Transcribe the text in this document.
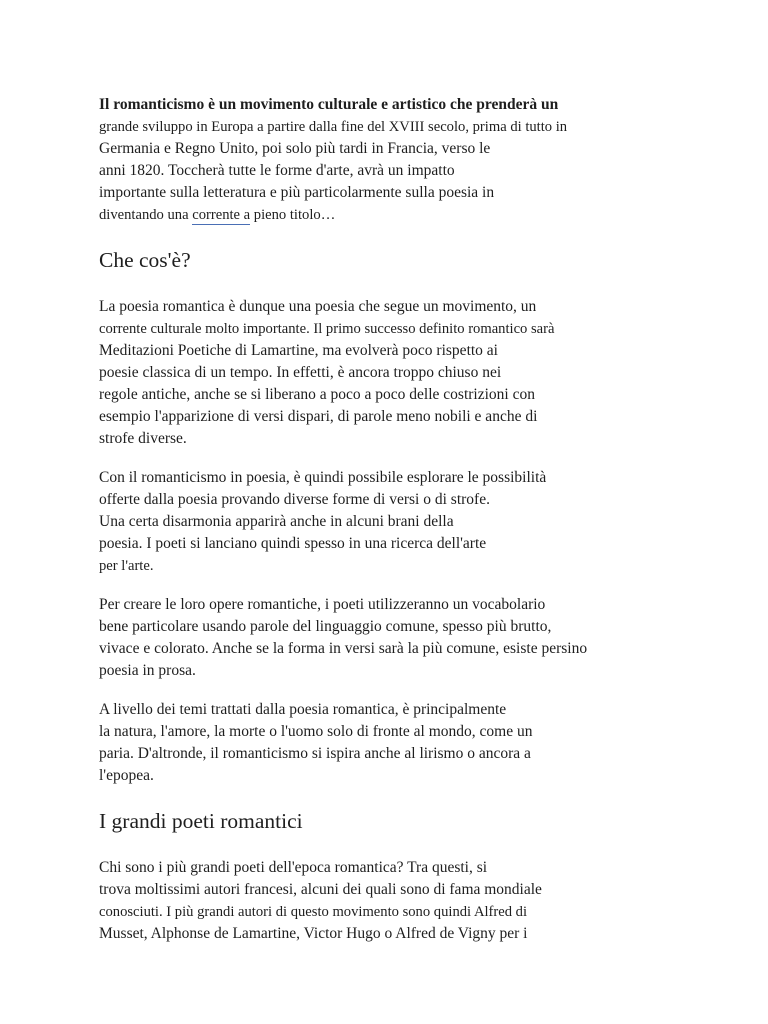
Il romanticismo è un movimento culturale e artistico che prenderà un
grande sviluppo in Europa a partire dalla fine del XVIII secolo, prima di tutto in
Germania e Regno Unito, poi solo più tardi in Francia, verso le
anni 1820. Toccherà tutte le forme d'arte, avrà un impatto
importante sulla letteratura e più particolarmente sulla poesia in
diventando una corrente a pieno titolo…

Che cos'è?

La poesia romantica è dunque una poesia che segue un movimento, un
corrente culturale molto importante. Il primo successo definito romantico sarà
Meditazioni Poetiche di Lamartine, ma evolverà poco rispetto ai
poesie classica di un tempo. In effetti, è ancora troppo chiuso nei
regole antiche, anche se si liberano a poco a poco delle costrizioni con
esempio l'apparizione di versi dispari, di parole meno nobili e anche di
strofe diverse.

Con il romanticismo in poesia, è quindi possibile esplorare le possibilità
offerte dalla poesia provando diverse forme di versi o di strofe.
Una certa disarmonia apparirà anche in alcuni brani della
poesia. I poeti si lanciano quindi spesso in una ricerca dell'arte
per l'arte.

Per creare le loro opere romantiche, i poeti utilizzeranno un vocabolario
bene particolare usando parole del linguaggio comune, spesso più brutto,
vivace e colorato. Anche se la forma in versi sarà la più comune, esiste persino
poesia in prosa.

A livello dei temi trattati dalla poesia romantica, è principalmente
la natura, l'amore, la morte o l'uomo solo di fronte al mondo, come un
paria. D'altronde, il romanticismo si ispira anche al lirismo o ancora a
l'epopea.

I grandi poeti romantici

Chi sono i più grandi poeti dell'epoca romantica? Tra questi, si
trova moltissimi autori francesi, alcuni dei quali sono di fama mondiale
conosciuti. I più grandi autori di questo movimento sono quindi Alfred di
Musset, Alphonse de Lamartine, Victor Hugo o Alfred de Vigny per i
